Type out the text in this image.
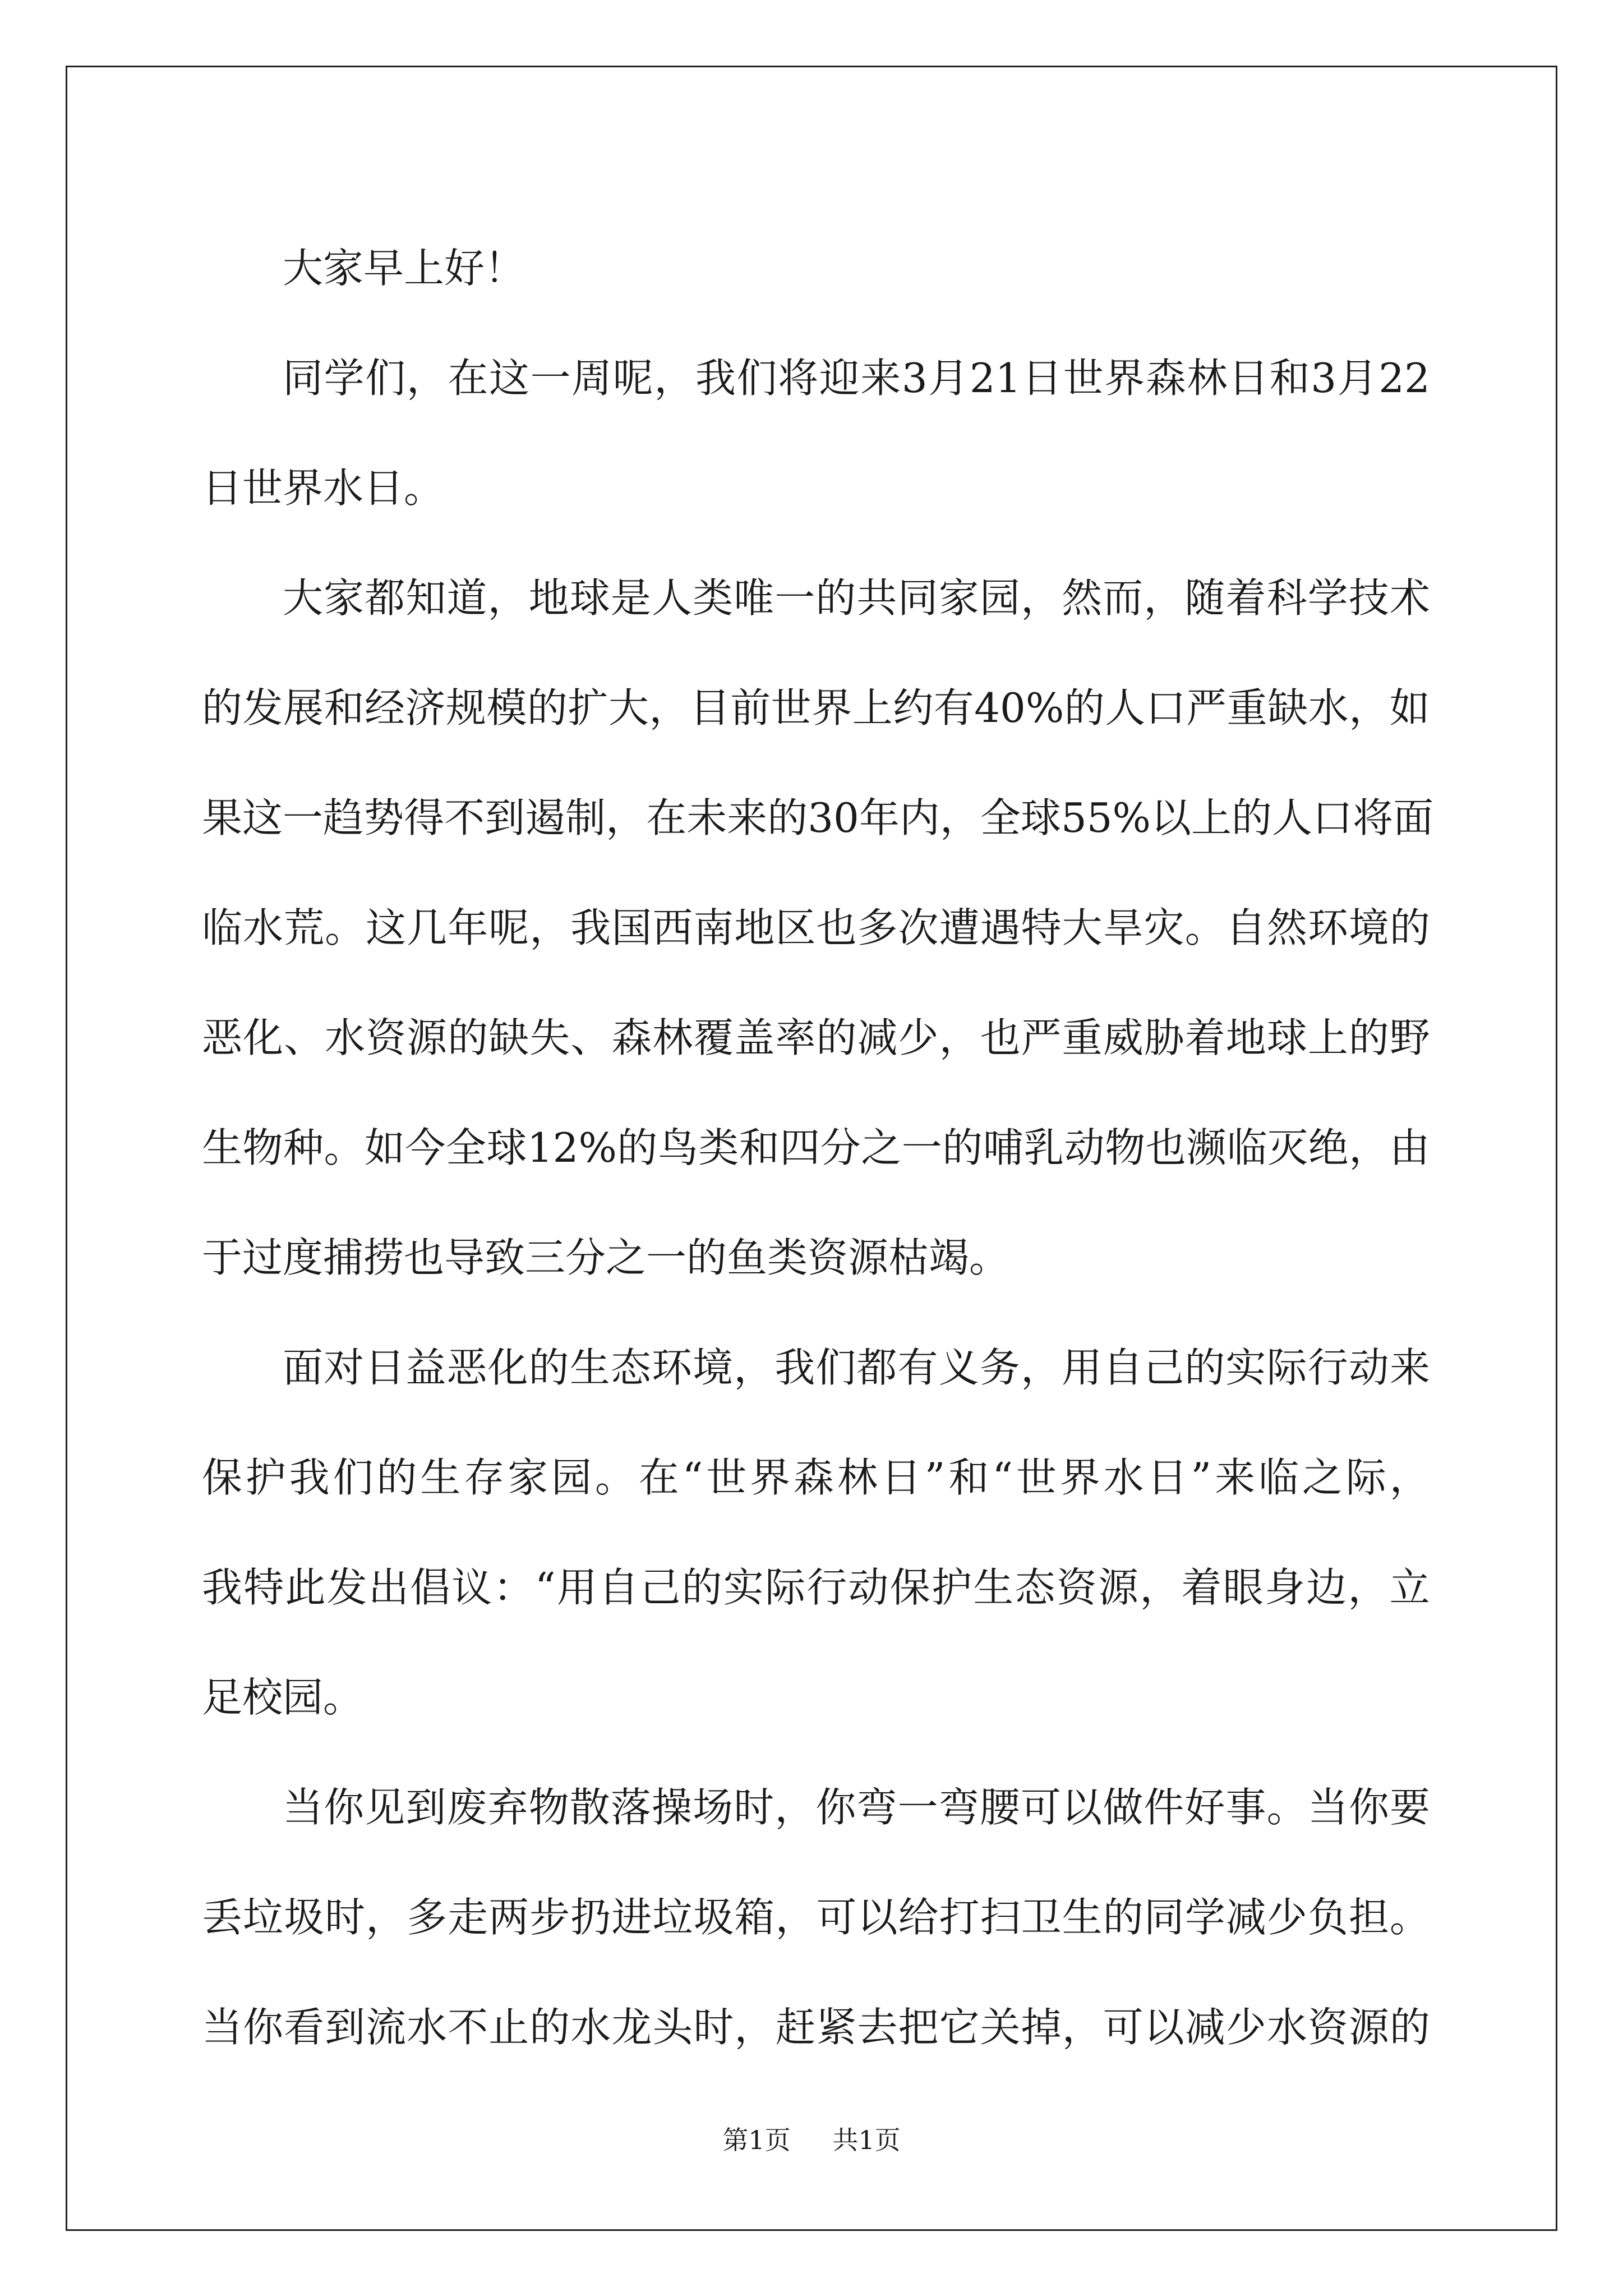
大家早上好！
同 学 们 ， 在 这 一 周 呢 ， 我 们 将 迎 来 3 月 21 日 世 界 森 林 日 和 3 月 22
日世界水日。
大 家 都 知 道 ， 地 球 是 人 类 唯 一 的 共 同 家 园 ， 然 而 ， 随 着 科 学 技 术
的 发 展 和 经 济 规 模 的 扩 大 ， 目 前 世 界 上 约 有 40% 的 人 口 严 重 缺 水 ， 如
果 这 一 趋 势 得 不 到 遏 制 ， 在 未 来 的 30 年 内 ， 全 球 55% 以 上 的 人 口 将 面
临 水 荒 。 这 几 年 呢 ， 我 国 西 南 地 区 也 多 次 遭 遇 特 大 旱 灾 。 自 然 环 境 的
恶 化 、 水 资 源 的 缺 失 、 森 林 覆 盖 率 的 减 少 ， 也 严 重 威 胁 着 地 球 上 的 野
生 物 种 。 如 今 全 球 12% 的 鸟 类 和 四 分 之 一 的 哺 乳 动 物 也 濒 临 灭 绝 ， 由
于过度捕捞也导致三分之一的鱼类资源枯竭。
面 对 日 益 恶 化 的 生 态 环 境 ， 我 们 都 有 义 务 ， 用 自 己 的 实 际 行 动 来
保 护 我 们 的 生 存 家 园 。 在 “ 世 界 森 林 日 ” 和 “ 世 界 水 日 ” 来 临 之 际 ，
我 特 此 发 出 倡 议 ： “ 用 自 己 的 实 际 行 动 保 护 生 态 资 源 ， 着 眼 身 边 ， 立
足校园。
当 你 见 到 废 弃 物 散 落 操 场 时 ， 你 弯 一 弯 腰 可 以 做 件 好 事 。 当 你 要
丢 垃 圾 时 ， 多 走 两 步 扔 进 垃 圾 箱 ， 可 以 给 打 扫 卫 生 的 同 学 减 少 负 担 。
当 你 看 到 流 水 不 止 的 水 龙 头 时 ， 赶 紧 去 把 它 关 掉 ， 可 以 减 少 水 资 源 的
第1页 共1页
